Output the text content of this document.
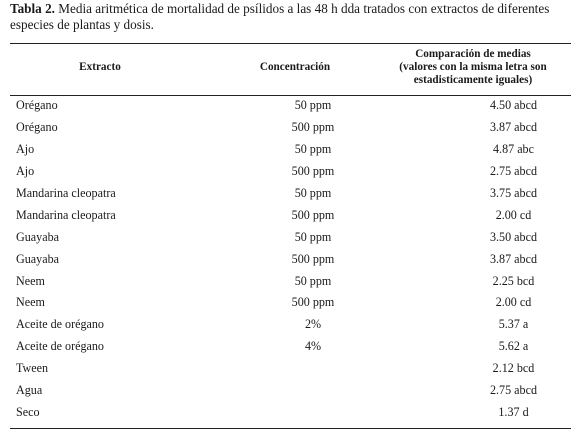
Tabla 2. Media aritmética de mortalidad de psílidos a las 48 h dda tratados con extractos de diferentes especies de plantas y dosis.
Extracto	Concentración
Comparación de medias
(valores con la misma letra son
estadisticamente iguales)
Orégano	50 ppm	4.50 abcd
Orégano	500 ppm	3.87 abcd
Ajo	50 ppm	4.87 abc
Ajo	500 ppm	2.75 abcd
Mandarina cleopatra	50 ppm	3.75 abcd
Mandarina cleopatra	500 ppm	2.00 cd
Guayaba	50 ppm	3.50 abcd
Guayaba	500 ppm	3.87 abcd
Neem	50 ppm	2.25 bcd
Neem	500 ppm	2.00 cd
Aceite de orégano	2%	5.37 a
Aceite de orégano	4%	5.62 a
Tween		2.12 bcd
Agua		2.75 abcd
Seco		1.37 d
